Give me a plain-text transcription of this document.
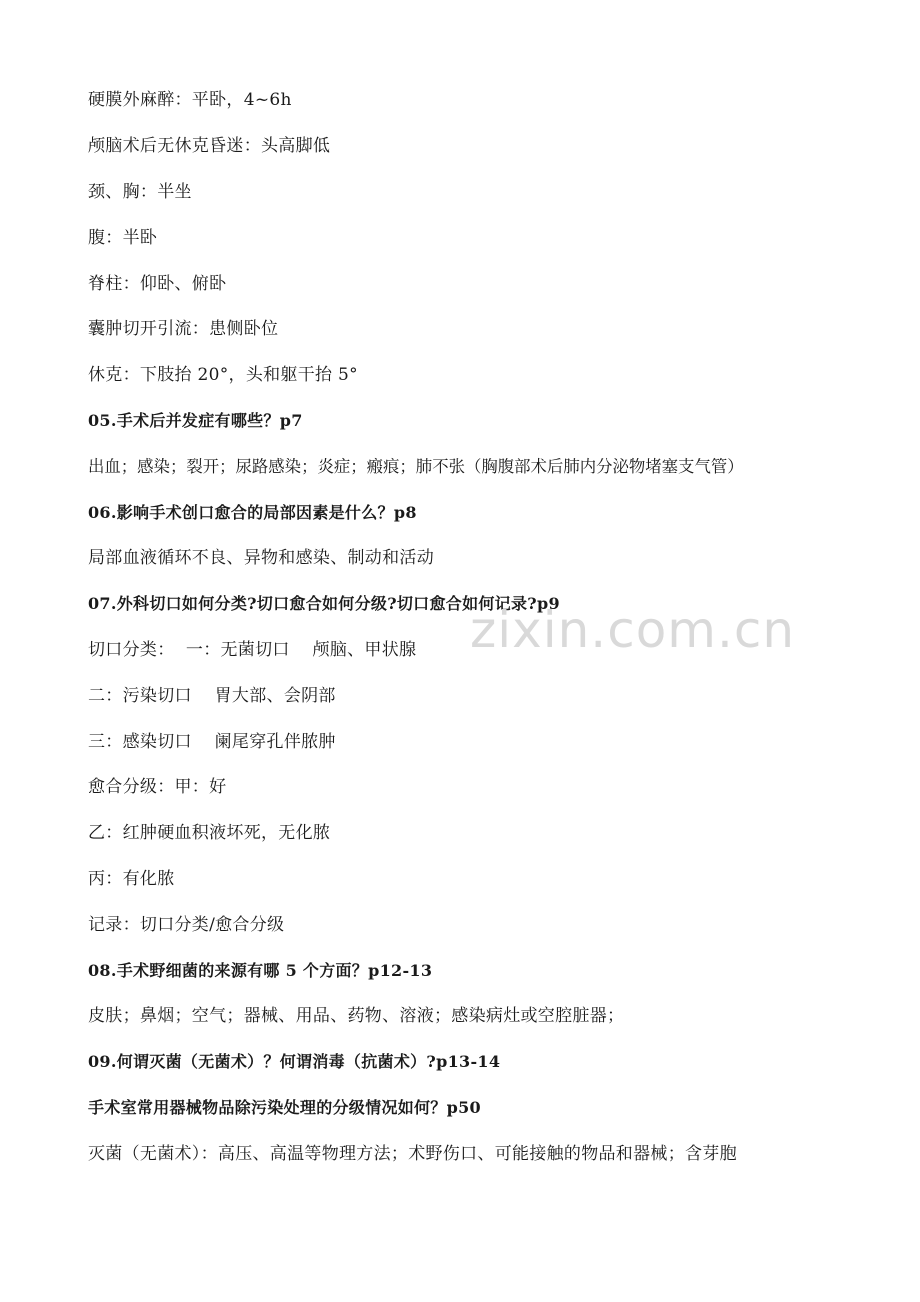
硬膜外麻醉：平卧，4~6h

颅脑术后无休克昏迷：头高脚低

颈、胸：半坐

腹：半卧

脊柱：仰卧、俯卧

囊肿切开引流：患侧卧位

休克：下肢抬 20°，头和躯干抬 5°

05.手术后并发症有哪些？p7

出血；感染；裂开；尿路感染；炎症；瘢痕；肺不张（胸腹部术后肺内分泌物堵塞支气管）

06.影响手术创口愈合的局部因素是什么？p8

局部血液循环不良、异物和感染、制动和活动

07.外科切口如何分类?切口愈合如何分级?切口愈合如何记录?p9

切口分类：  一：无菌切口    颅脑、甲状腺

二：污染切口    胃大部、会阴部

三：感染切口    阑尾穿孔伴脓肿

愈合分级：甲：好

乙：红肿硬血积液坏死，无化脓

丙：有化脓

记录：切口分类/愈合分级

08.手术野细菌的来源有哪 5 个方面？p12-13

皮肤；鼻烟；空气；器械、用品、药物、溶液；感染病灶或空腔脏器；

09.何谓灭菌（无菌术）？何谓消毒（抗菌术）?p13-14

手术室常用器械物品除污染处理的分级情况如何？p50

灭菌（无菌术）：高压、高温等物理方法；术野伤口、可能接触的物品和器械；含芽胞

zixin.com.cn
